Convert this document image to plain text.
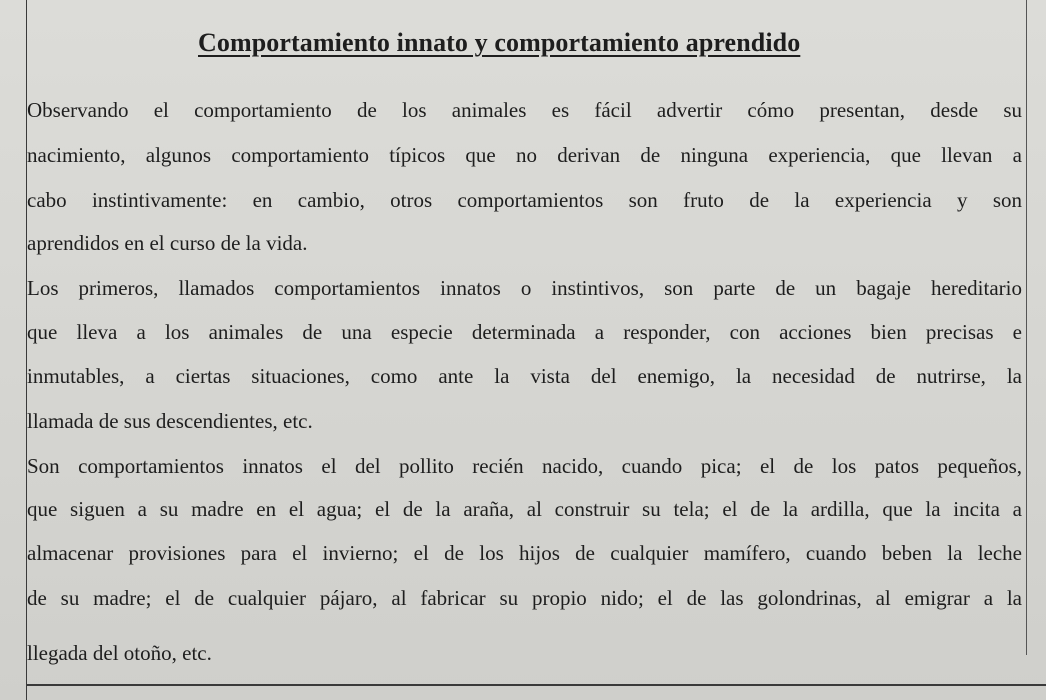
Comportamiento innato y comportamiento aprendido
Observando el comportamiento de los animales es fácil advertir cómo presentan, desde su
nacimiento, algunos comportamiento típicos que no derivan de ninguna experiencia, que llevan a
cabo instintivamente: en cambio, otros comportamientos son fruto de la experiencia y son
aprendidos en el curso de la vida.
Los primeros, llamados comportamientos innatos o instintivos, son parte de un bagaje hereditario
que lleva a los animales de una especie determinada a responder, con acciones bien precisas e
inmutables, a ciertas situaciones, como ante la vista del enemigo, la necesidad de nutrirse, la
llamada de sus descendientes, etc.
Son comportamientos innatos el del pollito recién nacido, cuando pica; el de los patos pequeños,
que siguen a su madre en el agua; el de la araña, al construir su tela; el de la ardilla, que la incita a
almacenar provisiones para el invierno; el de los hijos de cualquier mamífero, cuando beben la leche
de su madre; el de cualquier pájaro, al fabricar su propio nido; el de las golondrinas, al emigrar a la
llegada del otoño, etc.
